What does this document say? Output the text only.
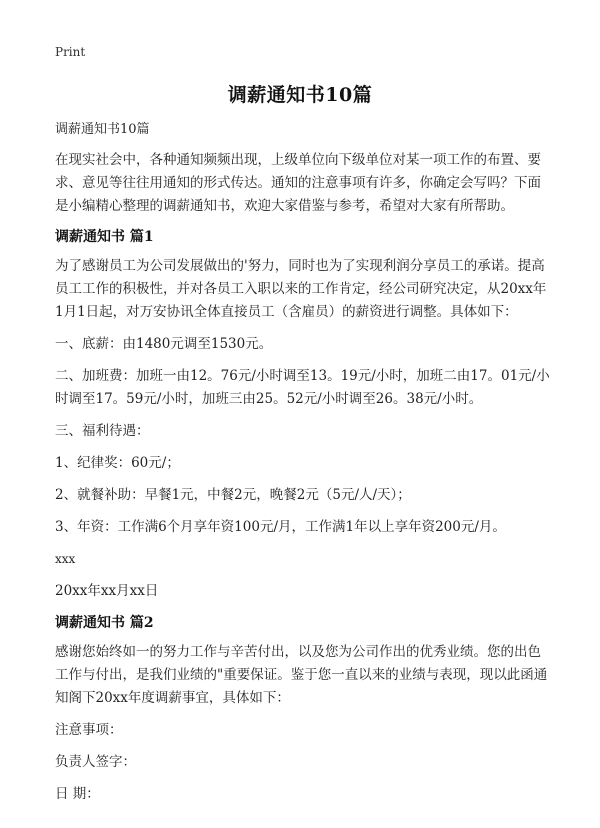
Print
调薪通知书10篇

调薪通知书10篇

在现实社会中，各种通知频频出现，上级单位向下级单位对某一项工作的布置、要求、意见等往往用通知的形式传达。通知的注意事项有许多，你确定会写吗？下面是小编精心整理的调薪通知书，欢迎大家借鉴与参考，希望对大家有所帮助。

调薪通知书 篇1

为了感谢员工为公司发展做出的'努力，同时也为了实现利润分享员工的承诺。提高员工工作的积极性，并对各员工入职以来的工作肯定，经公司研究决定，从20xx年1月1日起，对万安协讯全体直接员工（含雇员）的薪资进行调整。具体如下：

一、底薪：由1480元调至1530元。

二、加班费：加班一由12。76元/小时调至13。19元/小时，加班二由17。01元/小时调至17。59元/小时，加班三由25。52元/小时调至26。38元/小时。

三、福利待遇：

1、纪律奖：60元/；

2、就餐补助：早餐1元，中餐2元，晚餐2元（5元/人/天）；

3、年资：工作满6个月享年资100元/月，工作满1年以上享年资200元/月。

xxx

20xx年xx月xx日

调薪通知书 篇2

感谢您始终如一的努力工作与辛苦付出，以及您为公司作出的优秀业绩。您的出色工作与付出，是我们业绩的"重要保证。鉴于您一直以来的业绩与表现，现以此函通知阁下20xx年度调薪事宜，具体如下：

注意事项：

负责人签字：

日 期：
